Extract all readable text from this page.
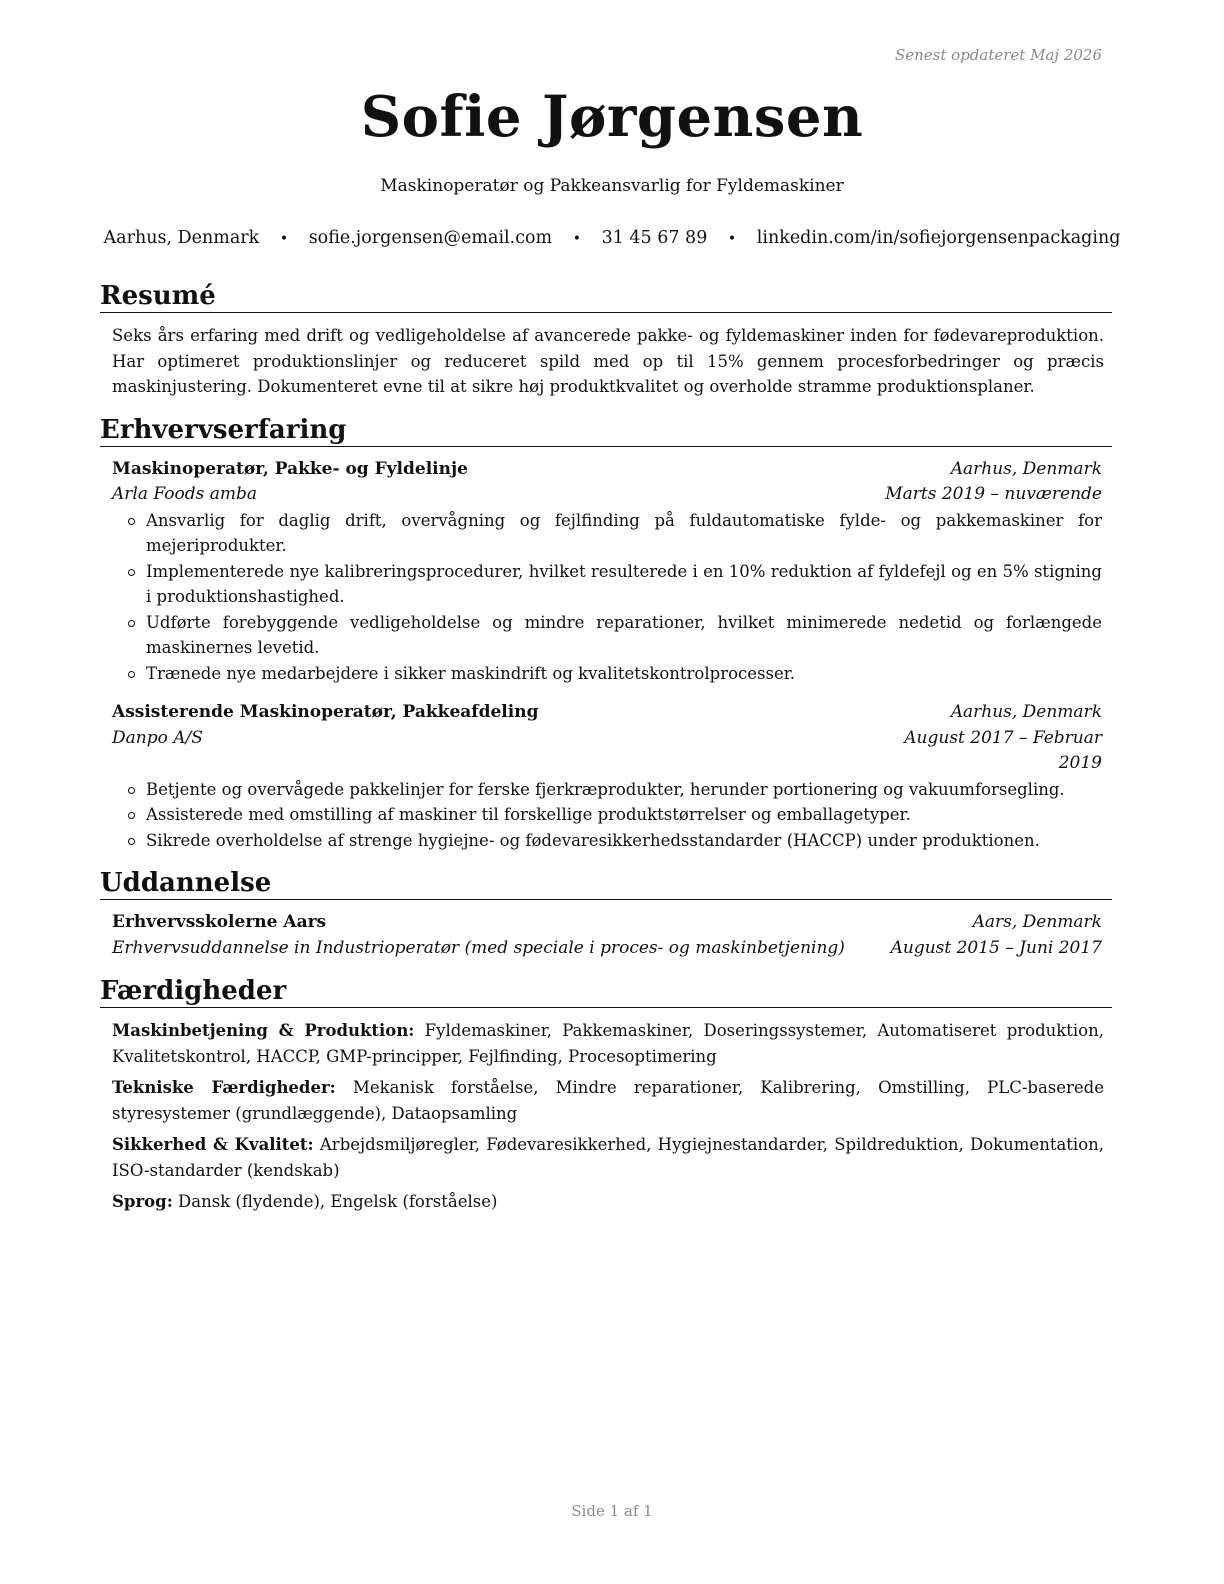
Senest opdateret Maj 2026
Sofie Jørgensen
Maskinoperatør og Pakkeansvarlig for Fyldemaskiner
Aarhus, Denmark • sofie.jorgensen@email.com • 31 45 67 89 • linkedin.com/in/sofiejorgensenpackaging
Resumé
Seks års erfaring med drift og vedligeholdelse af avancerede pakke- og fyldemaskiner inden for fødevareproduktion. Har optimeret produktionslinjer og reduceret spild med op til 15% gennem procesforbedringer og præcis maskinjustering. Dokumenteret evne til at sikre høj produktkvalitet og overholde stramme produktionsplaner.
Erhvervserfaring
Maskinoperatør, Pakke- og Fyldelinje	Aarhus, Denmark
Arla Foods amba	Marts 2019 – nuværende
Ansvarlig for daglig drift, overvågning og fejlfinding på fuldautomatiske fylde- og pakkemaskiner for mejeriprodukter.
Implementerede nye kalibreringsprocedurer, hvilket resulterede i en 10% reduktion af fyldefejl og en 5% stigning i produktionshastighed.
Udførte forebyggende vedligeholdelse og mindre reparationer, hvilket minimerede nedetid og forlængede maskinernes levetid.
Trænede nye medarbejdere i sikker maskindrift og kvalitetskontrolprocesser.
Assisterende Maskinoperatør, Pakkeafdeling	Aarhus, Denmark
Danpo A/S	August 2017 – Februar 2019
Betjente og overvågede pakkelinjer for ferske fjerkræprodukter, herunder portionering og vakuumforsegling.
Assisterede med omstilling af maskiner til forskellige produktstørrelser og emballagetyper.
Sikrede overholdelse af strenge hygiejne- og fødevaresikkerhedsstandarder (HACCP) under produktionen.
Uddannelse
Erhvervsskolerne Aars	Aars, Denmark
Erhvervsuddannelse in Industrioperatør (med speciale i proces- og maskinbetjening)	August 2015 – Juni 2017
Færdigheder
Maskinbetjening & Produktion: Fyldemaskiner, Pakkemaskiner, Doseringssystemer, Automatiseret produktion, Kvalitetskontrol, HACCP, GMP-principper, Fejlfinding, Procesoptimering
Tekniske Færdigheder: Mekanisk forståelse, Mindre reparationer, Kalibrering, Omstilling, PLC-baserede styresystemer (grundlæggende), Dataopsamling
Sikkerhed & Kvalitet: Arbejdsmiljøregler, Fødevaresikkerhed, Hygiejnestandarder, Spildreduktion, Dokumentation, ISO-standarder (kendskab)
Sprog: Dansk (flydende), Engelsk (forståelse)
Side 1 af 1
